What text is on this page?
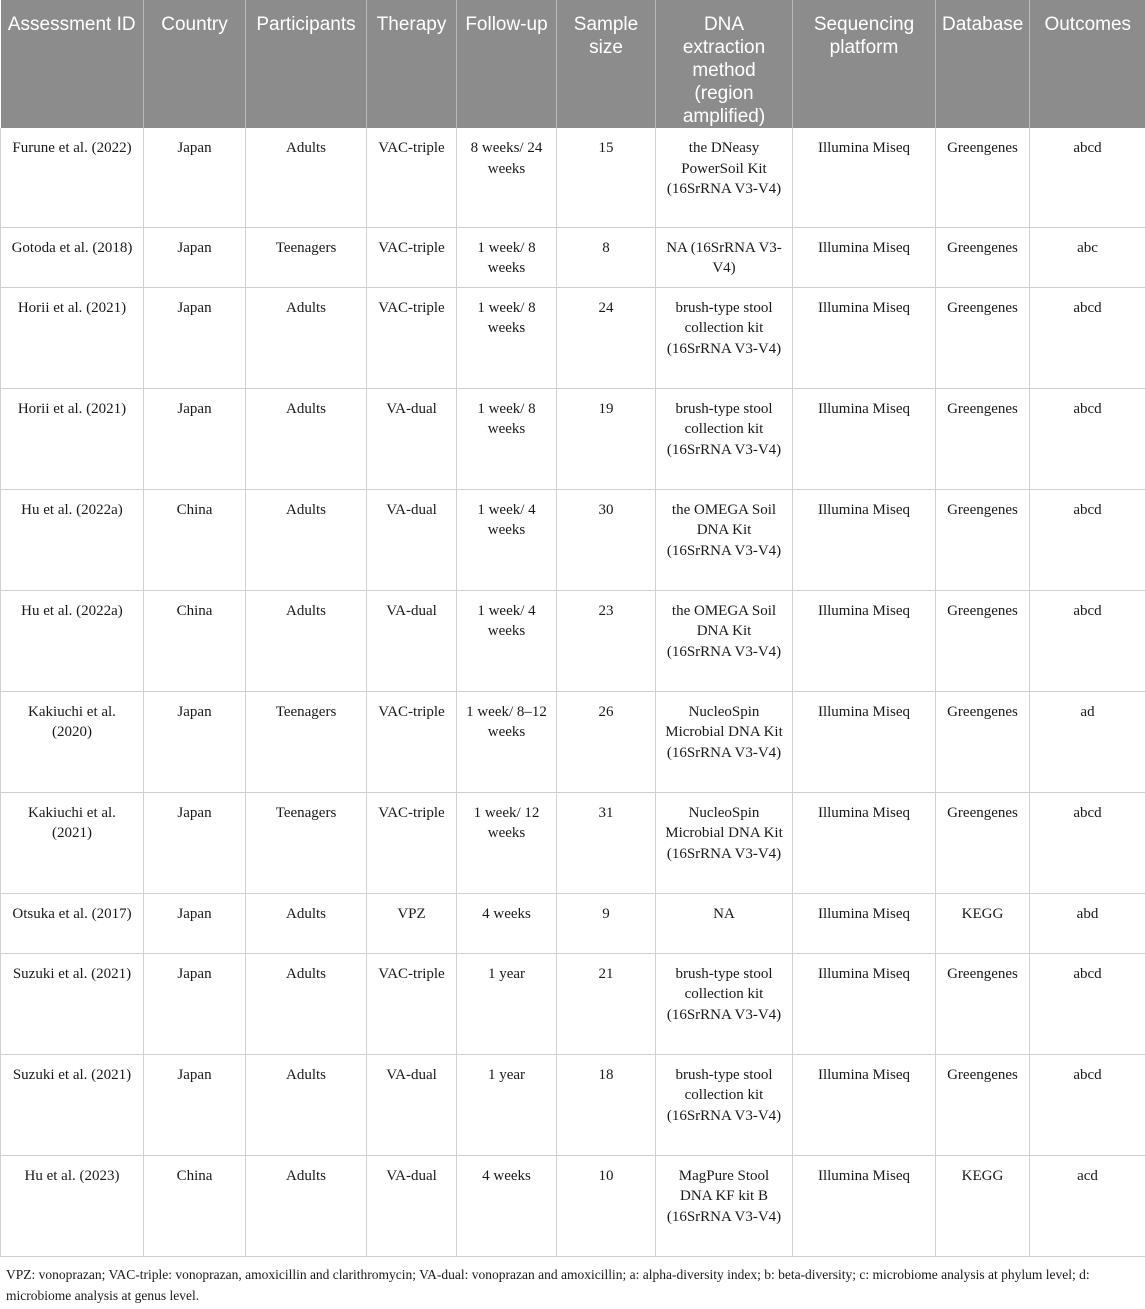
Assessment ID	Country	Participants	Therapy	Follow-up	Sample size	DNA extraction method (region amplified)	Sequencing platform	Database	Outcomes
Furune et al. (2022)	Japan	Adults	VAC-triple	8 weeks/ 24 weeks	15	the DNeasy PowerSoil Kit (16SrRNA V3-V4)	Illumina Miseq	Greengenes	abcd
Gotoda et al. (2018)	Japan	Teenagers	VAC-triple	1 week/ 8 weeks	8	NA (16SrRNA V3-V4)	Illumina Miseq	Greengenes	abc
Horii et al. (2021)	Japan	Adults	VAC-triple	1 week/ 8 weeks	24	brush-type stool collection kit (16SrRNA V3-V4)	Illumina Miseq	Greengenes	abcd
Horii et al. (2021)	Japan	Adults	VA-dual	1 week/ 8 weeks	19	brush-type stool collection kit (16SrRNA V3-V4)	Illumina Miseq	Greengenes	abcd
Hu et al. (2022a)	China	Adults	VA-dual	1 week/ 4 weeks	30	the OMEGA Soil DNA Kit (16SrRNA V3-V4)	Illumina Miseq	Greengenes	abcd
Hu et al. (2022a)	China	Adults	VA-dual	1 week/ 4 weeks	23	the OMEGA Soil DNA Kit (16SrRNA V3-V4)	Illumina Miseq	Greengenes	abcd
Kakiuchi et al. (2020)	Japan	Teenagers	VAC-triple	1 week/ 8–12 weeks	26	NucleoSpin Microbial DNA Kit (16SrRNA V3-V4)	Illumina Miseq	Greengenes	ad
Kakiuchi et al. (2021)	Japan	Teenagers	VAC-triple	1 week/ 12 weeks	31	NucleoSpin Microbial DNA Kit (16SrRNA V3-V4)	Illumina Miseq	Greengenes	abcd
Otsuka et al. (2017)	Japan	Adults	VPZ	4 weeks	9	NA	Illumina Miseq	KEGG	abd
Suzuki et al. (2021)	Japan	Adults	VAC-triple	1 year	21	brush-type stool collection kit (16SrRNA V3-V4)	Illumina Miseq	Greengenes	abcd
Suzuki et al. (2021)	Japan	Adults	VA-dual	1 year	18	brush-type stool collection kit (16SrRNA V3-V4)	Illumina Miseq	Greengenes	abcd
Hu et al. (2023)	China	Adults	VA-dual	4 weeks	10	MagPure Stool DNA KF kit B (16SrRNA V3-V4)	Illumina Miseq	KEGG	acd
VPZ: vonoprazan; VAC-triple: vonoprazan, amoxicillin and clarithromycin; VA-dual: vonoprazan and amoxicillin; a: alpha-diversity index; b: beta-diversity; c: microbiome analysis at phylum level; d: microbiome analysis at genus level.
